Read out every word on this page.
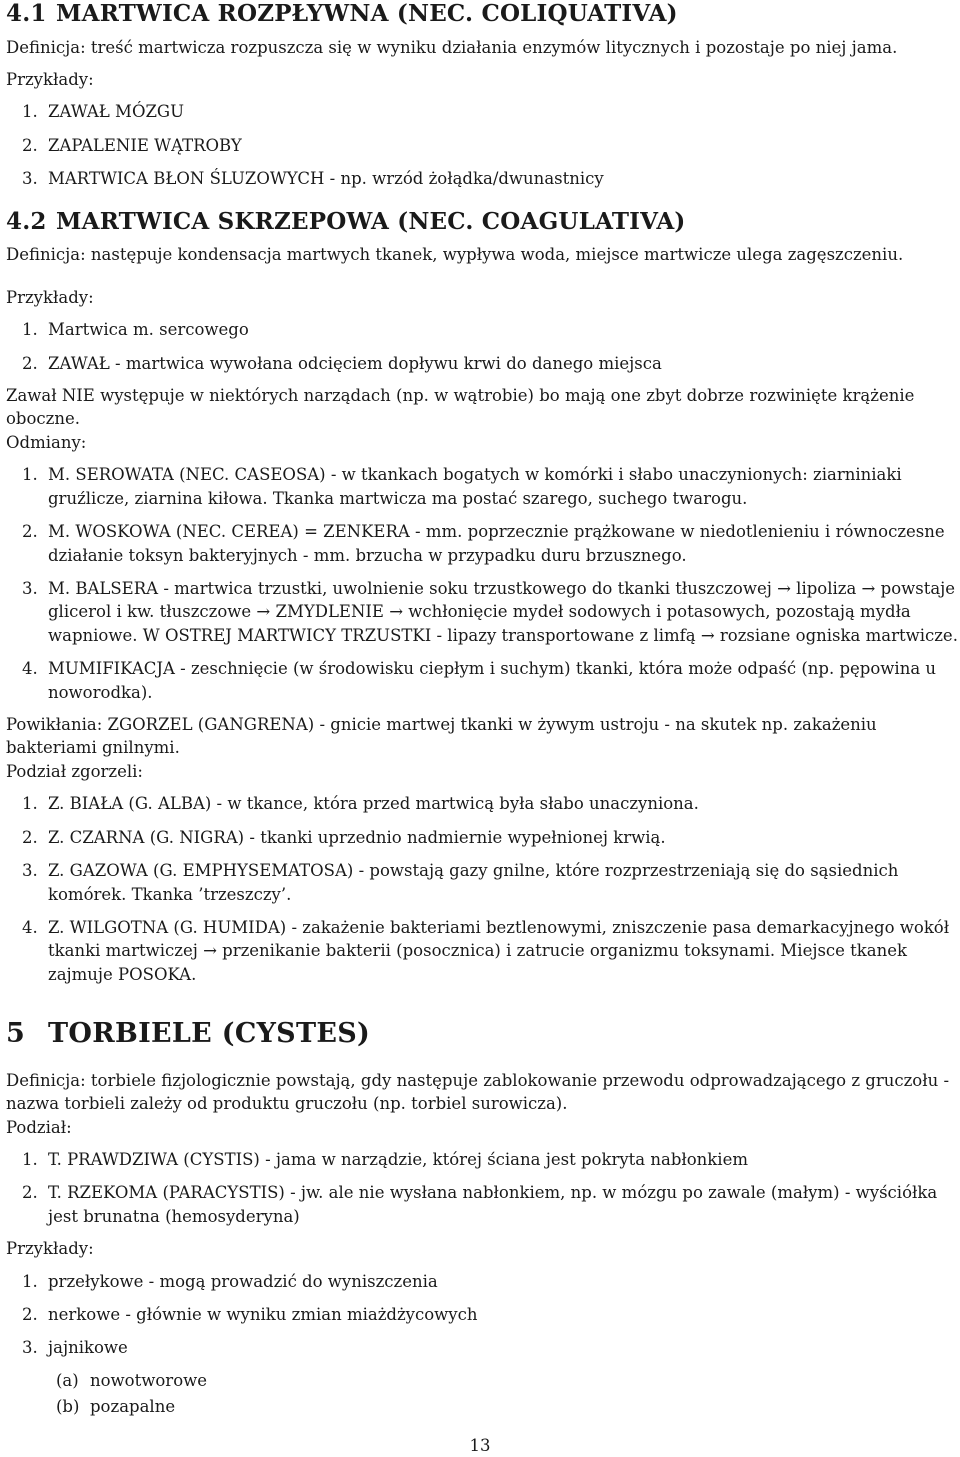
4.1 MARTWICA ROZPŁYWNA (NEC. COLIQUATIVA)

Definicja: treść martwicza rozpuszcza się w wyniku działania enzymów litycznych i pozostaje po niej jama.

Przykłady:

1. ZAWAŁ MÓZGU
2. ZAPALENIE WĄTROBY
3. MARTWICA BŁON ŚLUZOWYCH - np. wrzód żołądka/dwunastnicy
4.2 MARTWICA SKRZEPOWA (NEC. COAGULATIVA)

Definicja: następuje kondensacja martwych tkanek, wypływa woda, miejsce martwicze ulega zagęszczeniu.

Przykłady:

1. Martwica m. sercowego
2. ZAWAŁ - martwica wywołana odcięciem dopływu krwi do danego miejsca

Zawał NIE występuje w niektórych narządach (np. w wątrobie) bo mają one zbyt dobrze rozwinięte krążenie oboczne.

Odmiany:

1. M. SEROWATA (NEC. CASEOSA) - w tkankach bogatych w komórki i słabo unaczynionych: ziarniniaki gruźlicze, ziarnina kiłowa. Tkanka martwicza ma postać szarego, suchego twarogu.
2. M. WOSKOWA (NEC. CEREA) = ZENKERA - mm. poprzecznie prążkowane w niedotlenieniu i równoczesne działanie toksyn bakteryjnych - mm. brzucha w przypadku duru brzusznego.
3. M. BALSERA - martwica trzustki, uwolnienie soku trzustkowego do tkanki tłuszczowej → lipoliza → powstaje glicerol i kw. tłuszczowe → ZMYDLENIE → wchłonięcie mydeł sodowych i potasowych, pozostają mydła wapniowe. W OSTREJ MARTWICY TRZUSTKI - lipazy transportowane z limfą → rozsiane ogniska martwicze.
4. MUMIFIKACJA - zeschnięcie (w środowisku ciepłym i suchym) tkanki, która może odpaść (np. pępowina u noworodka).

Powikłania: ZGORZEL (GANGRENA) - gnicie martwej tkanki w żywym ustroju - na skutek np. zakażeniu bakteriami gnilnymi.

Podział zgorzeli:

1. Z. BIAŁA (G. ALBA) - w tkance, która przed martwicą była słabo unaczyniona.
2. Z. CZARNA (G. NIGRA) - tkanki uprzednio nadmiernie wypełnionej krwią.
3. Z. GAZOWA (G. EMPHYSEMATOSA) - powstają gazy gnilne, które rozprzestrzeniają się do sąsiednich komórek. Tkanka ’trzeszczy’.
4. Z. WILGOTNA (G. HUMIDA) - zakażenie bakteriami beztlenowymi, zniszczenie pasa demarkacyjnego wokół tkanki martwiczej → przenikanie bakterii (posocznica) i zatrucie organizmu toksynami. Miejsce tkanek zajmuje POSOKA.
5 TORBIELE (CYSTES)

Definicja: torbiele fizjologicznie powstają, gdy następuje zablokowanie przewodu odprowadzającego z gruczołu - nazwa torbieli zależy od produktu gruczołu (np. torbiel surowicza).

Podział:

1. T. PRAWDZIWA (CYSTIS) - jama w narządzie, której ściana jest pokryta nabłonkiem
2. T. RZEKOMA (PARACYSTIS) - jw. ale nie wysłana nabłonkiem, np. w mózgu po zawale (małym) - wyściółka jest brunatna (hemosyderyna)

Przykłady:

1. przełykowe - mogą prowadzić do wyniszczenia
2. nerkowe - głównie w wyniku zmian miażdżycowych
3. jajnikowe
(a) nowotworowe
(b) pozapalne
13
